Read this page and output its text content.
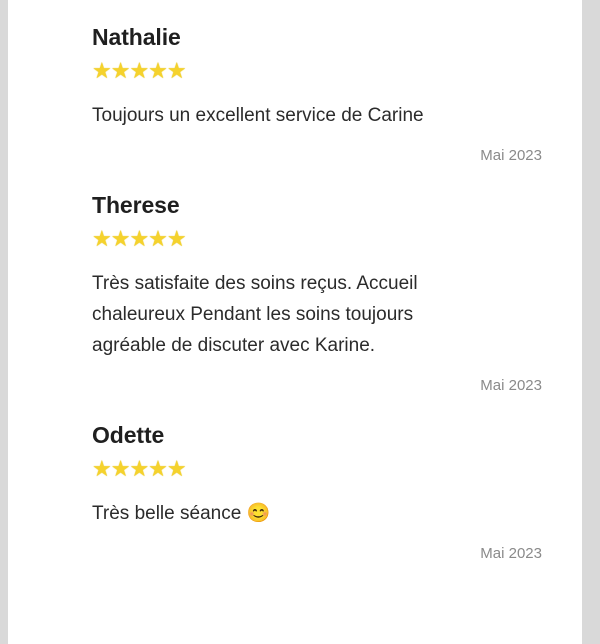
Nathalie
★★★★★
Toujours un excellent service de Carine
Mai 2023
Therese
★★★★★
Très satisfaite des soins reçus. Accueil chaleureux Pendant les soins toujours agréable de discuter avec Karine.
Mai 2023
Odette
★★★★★
Très belle séance 😊
Mai 2023
